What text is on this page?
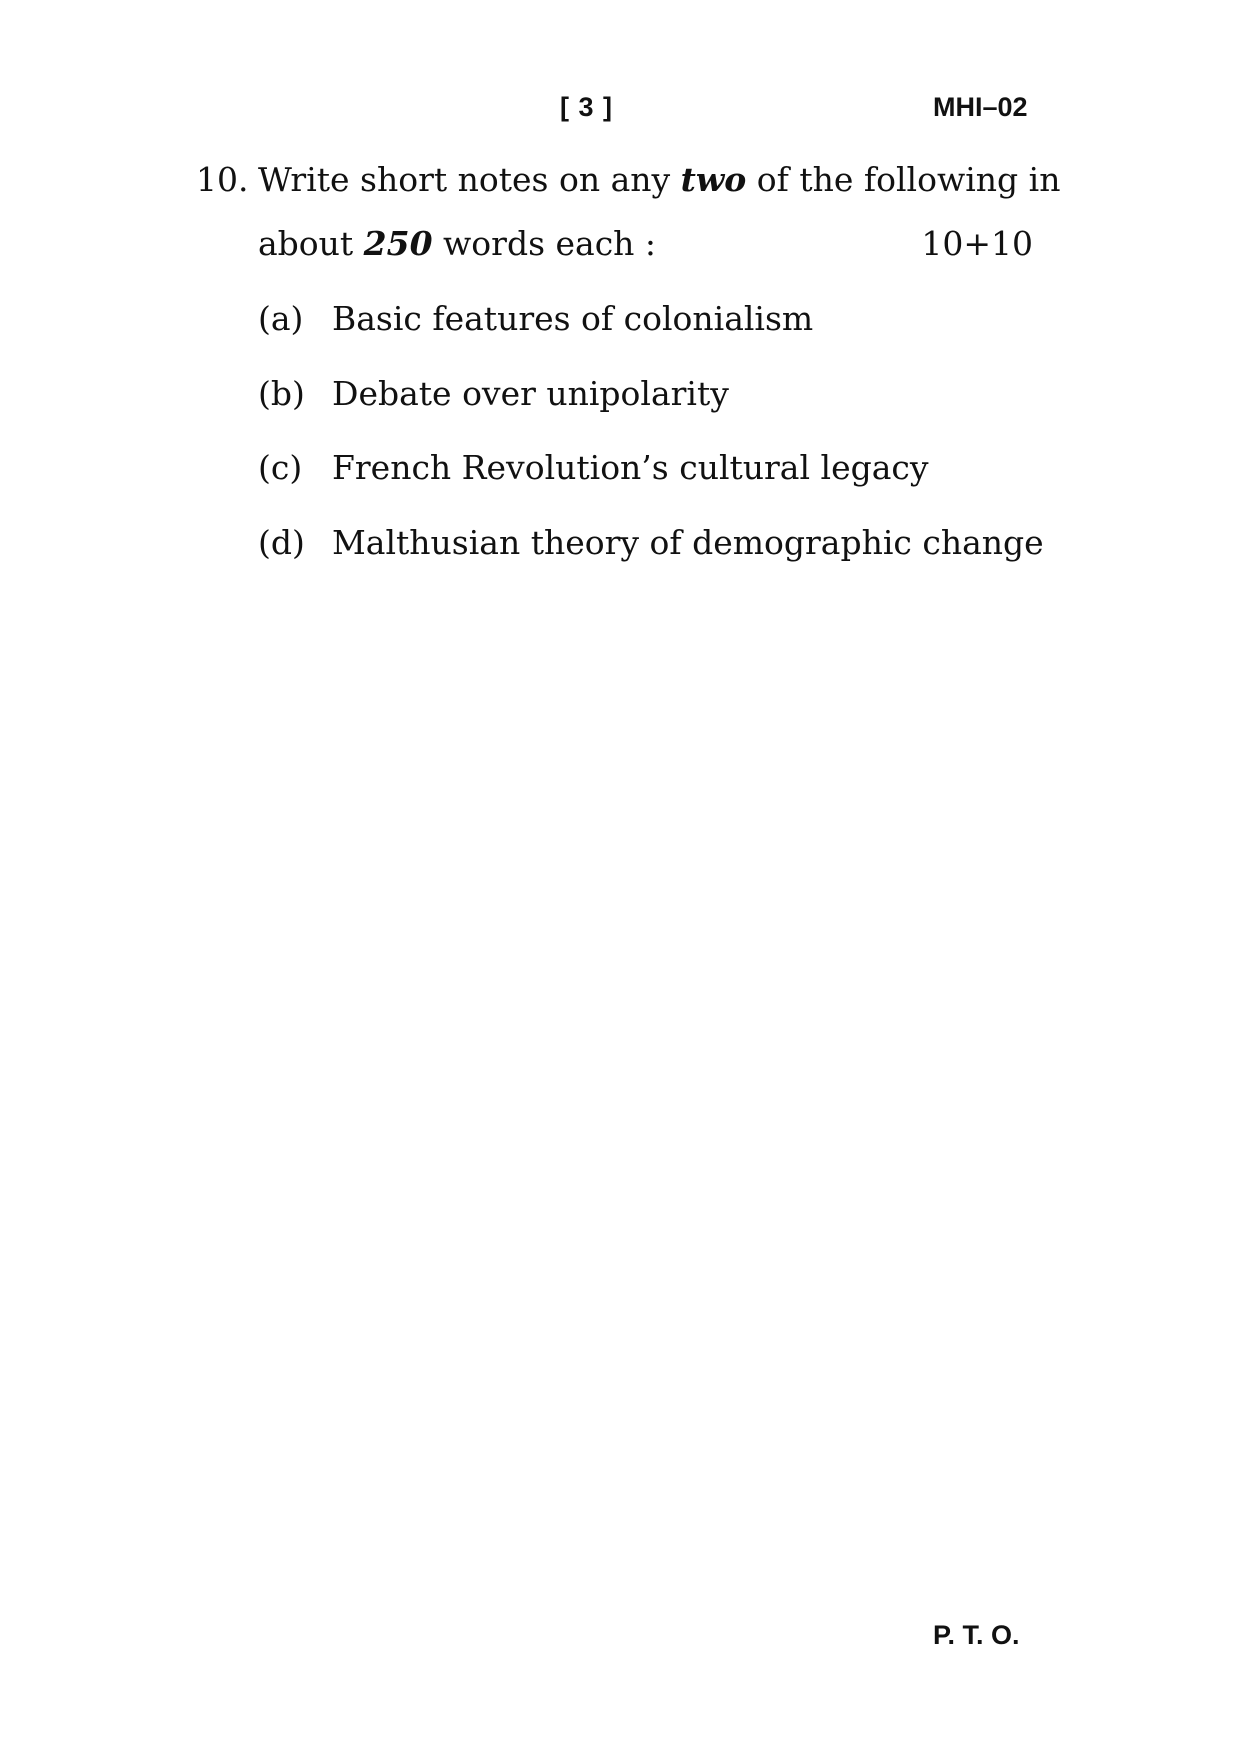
[ 3 ]	MHI–02
10. Write short notes on any two of the following in
about 250 words each :	10+10
(a) Basic features of colonialism
(b) Debate over unipolarity
(c) French Revolution’s cultural legacy
(d) Malthusian theory of demographic change
P. T. O.
